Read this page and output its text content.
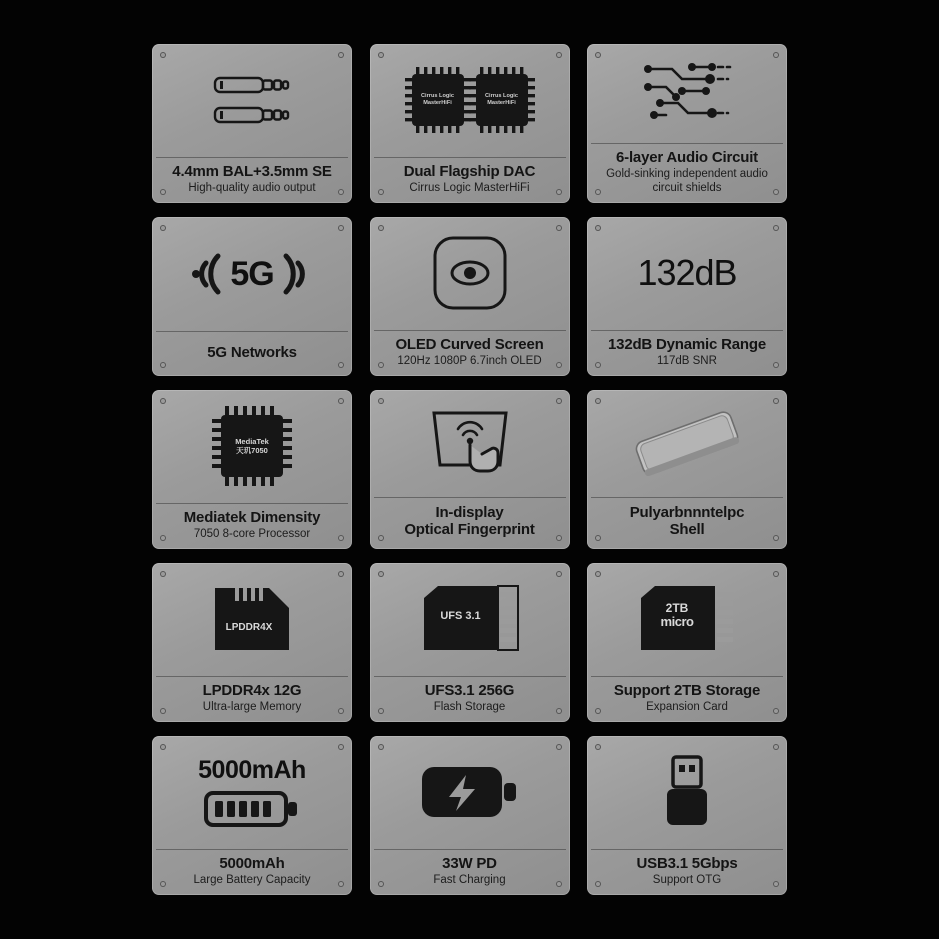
4.4mm BAL+3.5mm SE
High-quality audio output
Cirrus Logic
MasterHiFi
Cirrus Logic
MasterHiFi
Dual Flagship DAC
Cirrus Logic MasterHiFi
6-layer Audio Circuit
Gold-sinking independent audio circuit shields
5G
5G Networks
OLED Curved Screen
120Hz 1080P 6.7inch OLED
132dB
132dB Dynamic Range
117dB SNR
MediaTek
天玑7050
Mediatek Dimensity
7050 8-core Processor
In-display
Optical Fingerprint
Pulyarbnnntelpc
Shell
LPDDR4X
LPDDR4x 12G
Ultra-large Memory
UFS 3.1
UFS3.1 256G
Flash Storage
2TB
micro
Support 2TB Storage
Expansion Card
5000mAh
5000mAh
Large Battery Capacity
33W PD
Fast Charging
USB3.1 5Gbps
Support OTG
